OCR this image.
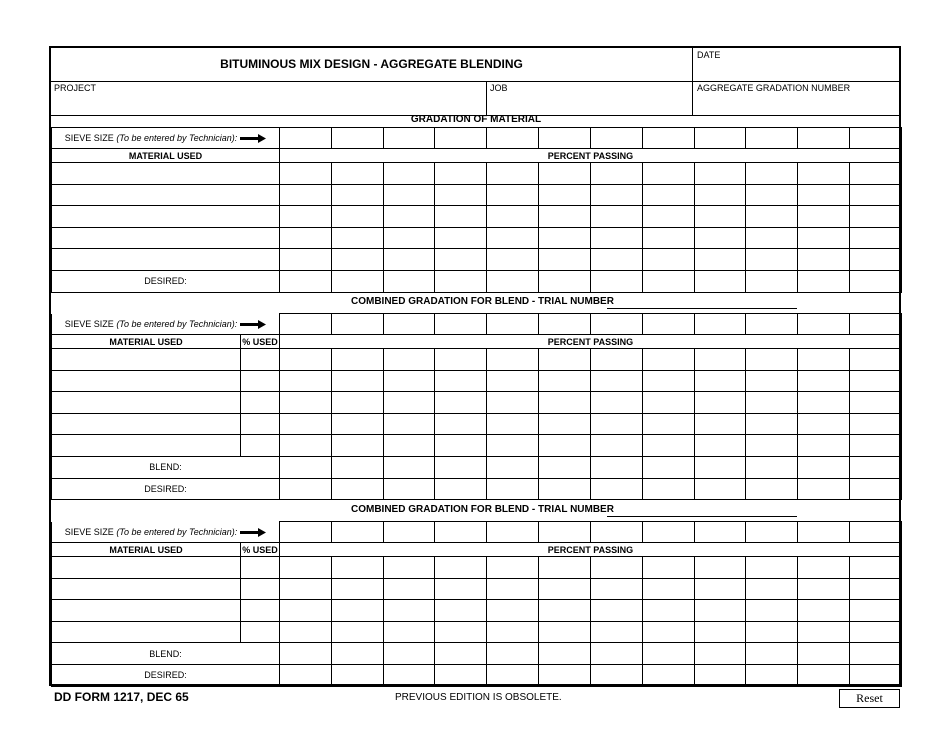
BITUMINOUS MIX DESIGN - AGGREGATE BLENDING
DATE
PROJECT	JOB	AGGREGATE GRADATION NUMBER
GRADATION OF MATERIAL
SIEVE SIZE (To be entered by Technician):												
MATERIAL USED	PERCENT PASSING											

DESIRED:												
COMBINED GRADATION FOR BLEND - TRIAL NUMBER
SIEVE SIZE (To be entered by Technician):												
MATERIAL USED	% USED	PERCENT PASSING											

BLEND:												
DESIRED:												
COMBINED GRADATION FOR BLEND - TRIAL NUMBER
SIEVE SIZE (To be entered by Technician):												
MATERIAL USED	% USED	PERCENT PASSING											

BLEND:												
DESIRED:												
DD FORM 1217, DEC 65	PREVIOUS EDITION IS OBSOLETE.	Reset
